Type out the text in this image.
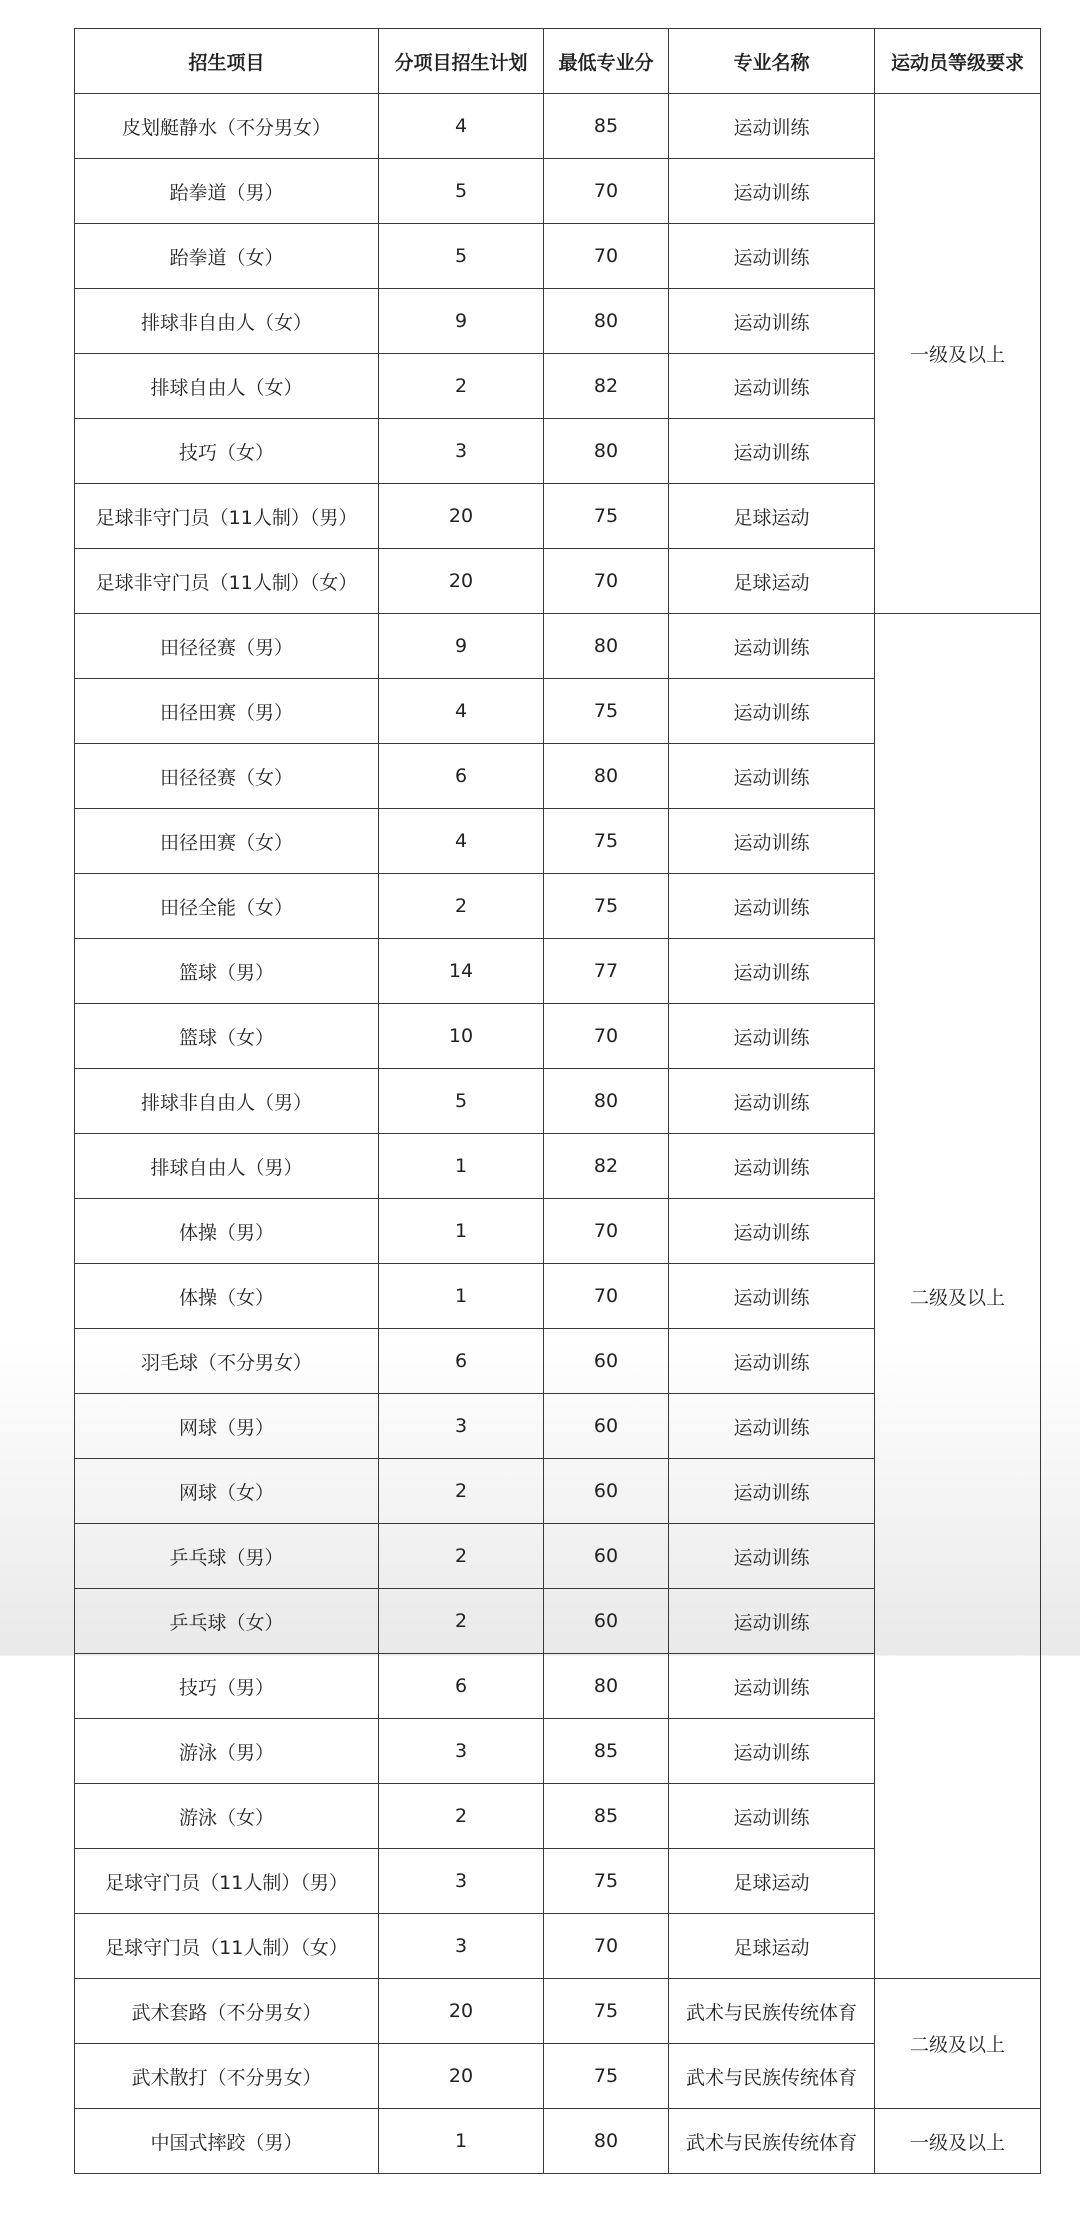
招生项目	分项目招生计划	最低专业分	专业名称	运动员等级要求
皮划艇静水（不分男女）	4	85	运动训练	一级及以上
跆拳道（男）	5	70	运动训练	
跆拳道（女）	5	70	运动训练	
排球非自由人（女）	9	80	运动训练	
排球自由人（女）	2	82	运动训练	
技巧（女）	3	80	运动训练	
足球非守门员（11人制）（男）	20	75	足球运动	
足球非守门员（11人制）（女）	20	70	足球运动	
田径径赛（男）	9	80	运动训练	二级及以上
田径田赛（男）	4	75	运动训练	
田径径赛（女）	6	80	运动训练	
田径田赛（女）	4	75	运动训练	
田径全能（女）	2	75	运动训练	
篮球（男）	14	77	运动训练	
篮球（女）	10	70	运动训练	
排球非自由人（男）	5	80	运动训练	
排球自由人（男）	1	82	运动训练	
体操（男）	1	70	运动训练	
体操（女）	1	70	运动训练	
羽毛球（不分男女）	6	60	运动训练	
网球（男）	3	60	运动训练	
网球（女）	2	60	运动训练	
乒乓球（男）	2	60	运动训练	
乒乓球（女）	2	60	运动训练	
技巧（男）	6	80	运动训练	
游泳（男）	3	85	运动训练	
游泳（女）	2	85	运动训练	
足球守门员（11人制）（男）	3	75	足球运动	
足球守门员（11人制）（女）	3	70	足球运动	
武术套路（不分男女）	20	75	武术与民族传统体育	二级及以上
武术散打（不分男女）	20	75	武术与民族传统体育	
中国式摔跤（男）	1	80	武术与民族传统体育	一级及以上
